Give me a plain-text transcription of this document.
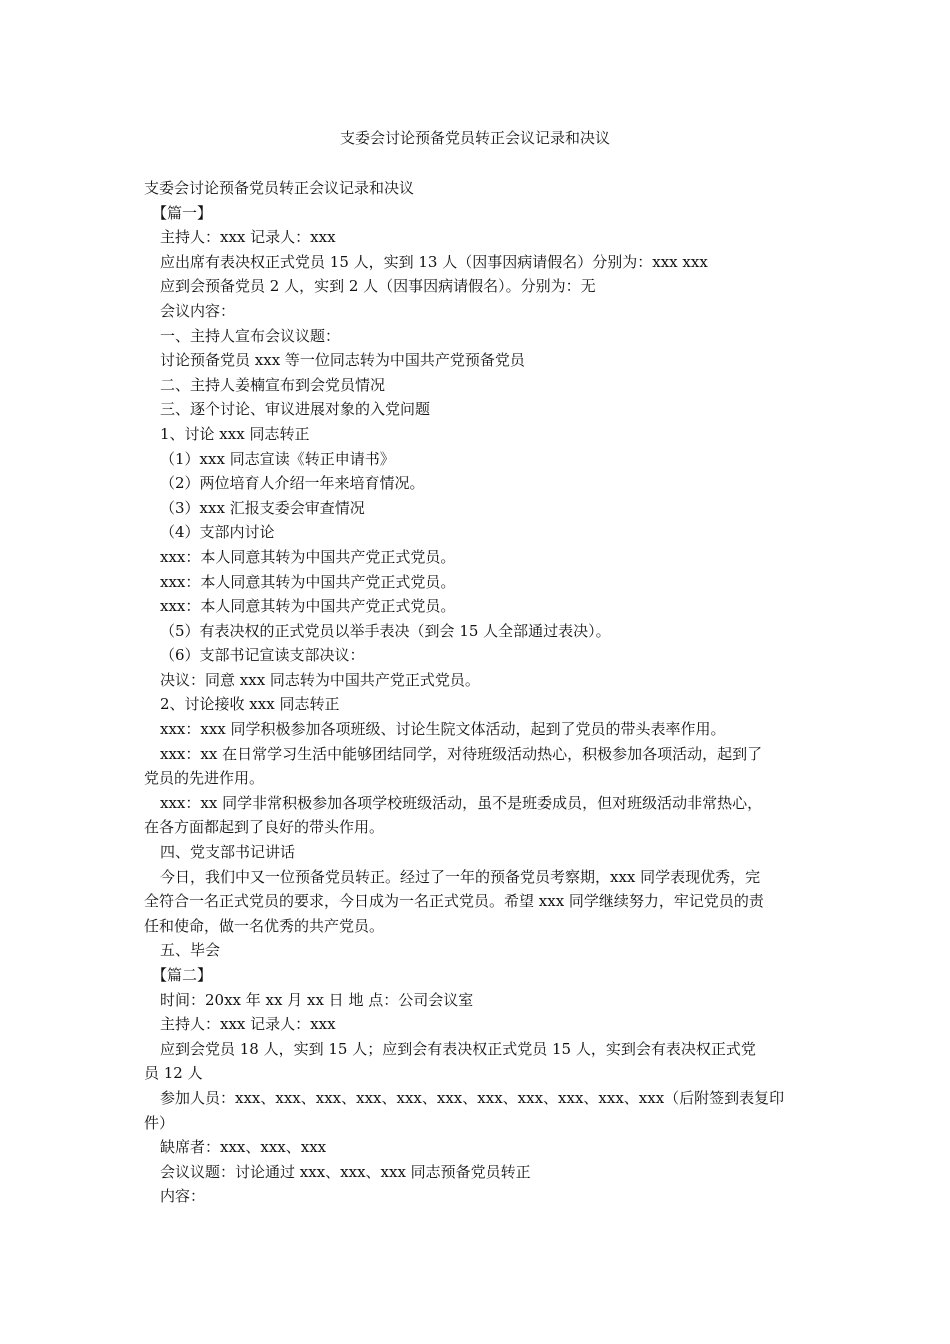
支委会讨论预备党员转正会议记录和决议

支委会讨论预备党员转正会议记录和决议

【篇一】

主持人：xxx 记录人：xxx

应出席有表决权正式党员 15 人，实到 13 人（因事因病请假名）分别为：xxx xxx

应到会预备党员 2 人，实到 2 人（因事因病请假名）。分别为：无

会议内容：

一、主持人宣布会议议题：

讨论预备党员 xxx 等一位同志转为中国共产党预备党员

二、主持人姜楠宣布到会党员情况

三、逐个讨论、审议进展对象的入党问题

1、讨论 xxx 同志转正

（1）xxx 同志宣读《转正申请书》

（2）两位培育人介绍一年来培育情况。

（3）xxx 汇报支委会审查情况

（4）支部内讨论

xxx：本人同意其转为中国共产党正式党员。

xxx：本人同意其转为中国共产党正式党员。

xxx：本人同意其转为中国共产党正式党员。

（5）有表决权的正式党员以举手表决（到会 15 人全部通过表决）。

（6）支部书记宣读支部决议：

决议：同意 xxx 同志转为中国共产党正式党员。

2、讨论接收 xxx 同志转正

xxx：xxx 同学积极参加各项班级、讨论生院文体活动，起到了党员的带头表率作用。

xxx：xx 在日常学习生活中能够团结同学，对待班级活动热心，积极参加各项活动，起到了

党员的先进作用。

xxx：xx 同学非常积极参加各项学校班级活动，虽不是班委成员，但对班级活动非常热心，

在各方面都起到了良好的带头作用。

四、党支部书记讲话

今日，我们中又一位预备党员转正。经过了一年的预备党员考察期，xxx 同学表现优秀，完

全符合一名正式党员的要求，今日成为一名正式党员。希望 xxx 同学继续努力，牢记党员的责

任和使命，做一名优秀的共产党员。

五、毕会

【篇二】

时间：20xx 年 xx 月 xx 日 地 点：公司会议室

主持人：xxx 记录人：xxx

应到会党员 18 人，实到 15 人；应到会有表决权正式党员 15 人，实到会有表决权正式党

员 12 人

参加人员：xxx、xxx、xxx、xxx、xxx、xxx、xxx、xxx、xxx、xxx、xxx（后附签到表复印

件）

缺席者：xxx、xxx、xxx

会议议题：讨论通过 xxx、xxx、xxx 同志预备党员转正

内容：
